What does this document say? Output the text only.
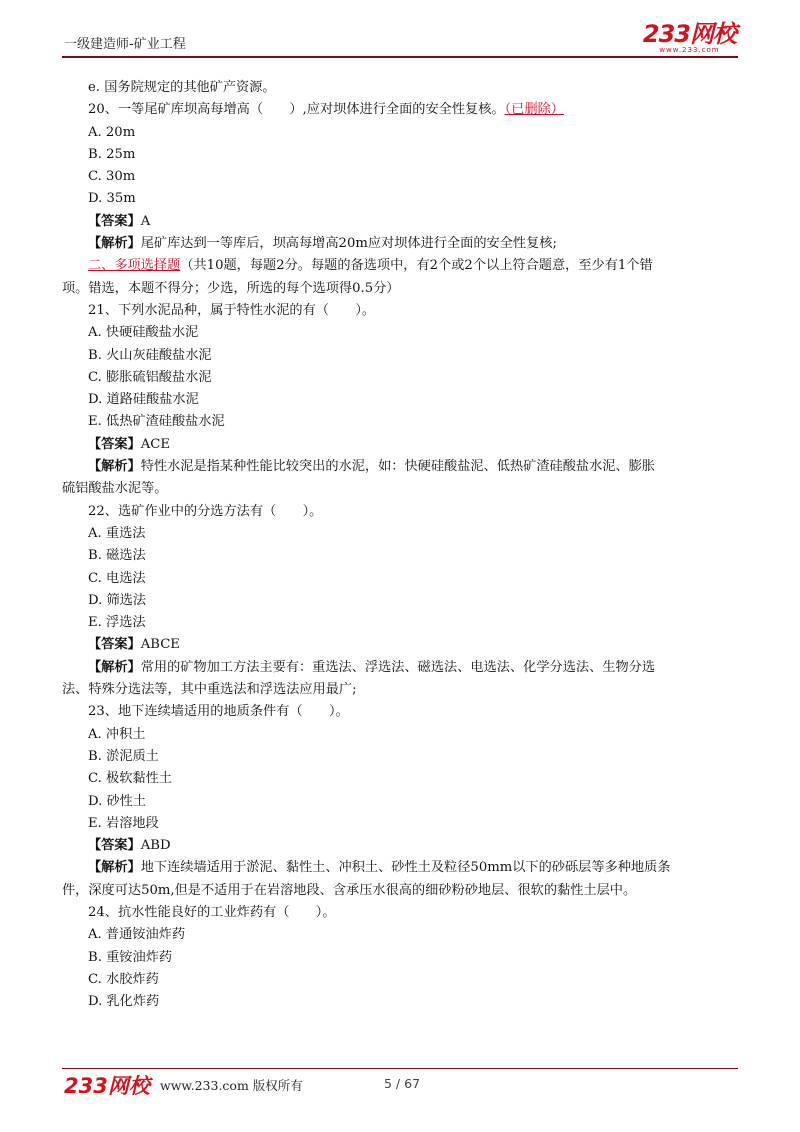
一级建造师-矿业工程	233网校
www.233.com
e. 国务院规定的其他矿产资源。
20、一等尾矿库坝高每增高（　　）,应对坝体进行全面的安全性复核。（已删除）
A. 20m
B. 25m
C. 30m
D. 35m
【答案】A
【解析】尾矿库达到一等库后，坝高每增高20m应对坝体进行全面的安全性复核;
二、多项选择题（共10题，每题2分。每题的备选项中，有2个或2个以上符合题意，至少有1个错
项。错选，本题不得分；少选，所选的每个选项得0.5分）
21、下列水泥品种，属于特性水泥的有（　　）。
A. 快硬硅酸盐水泥
B. 火山灰硅酸盐水泥
C. 膨胀硫铝酸盐水泥
D. 道路硅酸盐水泥
E. 低热矿渣硅酸盐水泥
【答案】ACE
【解析】特性水泥是指某种性能比较突出的水泥，如：快硬硅酸盐泥、低热矿渣硅酸盐水泥、膨胀
硫铝酸盐水泥等。
22、选矿作业中的分选方法有（　　）。
A. 重选法
B. 磁选法
C. 电选法
D. 筛选法
E. 浮选法
【答案】ABCE
【解析】常用的矿物加工方法主要有：重选法、浮选法、磁选法、电选法、化学分选法、生物分选
法、特殊分选法等，其中重选法和浮选法应用最广;
23、地下连续墙适用的地质条件有（　　）。
A. 冲积土
B. 淤泥质土
C. 极软黏性土
D. 砂性土
E. 岩溶地段
【答案】ABD
【解析】地下连续墙适用于淤泥、黏性土、冲积土、砂性土及粒径50mm以下的砂砾层等多种地质条
件，深度可达50m,但是不适用于在岩溶地段、含承压水很高的细砂粉砂地层、很软的黏性土层中。
24、抗水性能良好的工业炸药有（　　）。
A. 普通铵油炸药
B. 重铵油炸药
C. 水胶炸药
D. 乳化炸药
233网校 www.233.com 版权所有	5 / 67
